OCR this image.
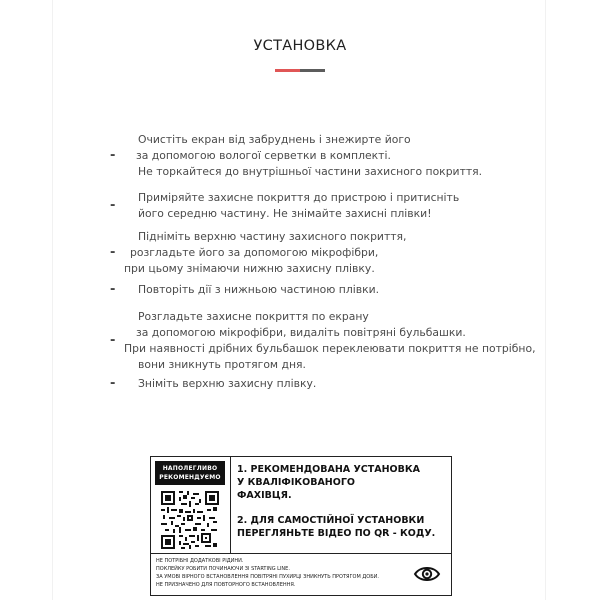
УСТАНОВКА
-
Очистіть екран від забруднень і знежирте його
за допомогою вологої серветки в комплекті.
Не торкайтеся до внутрішньої частини захисного покриття.
-
Приміряйте захисне покриття до пристрою і притисніть
його середню частину. Не знімайте захисні плівки!
-
Підніміть верхню частину захисного покриття,
розгладьте його за допомогою мікрофібри,
при цьому знімаючи нижню захисну плівку.
- Повторіть дії з нижньою частиною плівки.
-
Розгладьте захисне покриття по екрану
за допомогою мікрофібри, видаліть повітряні бульбашки.
При наявності дрібних бульбашок переклеювати покриття не потрібно,
вони зникнуть протягом дня.
- Зніміть верхню захисну плівку.
НАПОЛЕГЛИВО
РЕКОМЕНДУЄМО
1. РЕКОМЕНДОВАНА УСТАНОВКА
У КВАЛІФІКОВАНОГО
ФАХІВЦЯ.
2. ДЛЯ САМОСТІЙНОЇ УСТАНОВКИ
ПЕРЕГЛЯНЬТЕ ВІДЕО ПО QR - КОДУ.
НЕ ПОТРІБНІ ДОДАТКОВІ РІДИНИ.
ПОКЛЕЙКУ РОБИТИ ПОЧИНАЮЧИ ЗІ STARTING LINE.
ЗА УМОВІ ВІРНОГО ВСТАНОВЛЕННЯ ПОВІТРЯНІ ПУХИРЦІ ЗНИКНУТЬ ПРОТЯГОМ ДОБИ.
НЕ ПРИЗНАЧЕНО ДЛЯ ПОВТОРНОГО ВСТАНОВЛЕННЯ.
